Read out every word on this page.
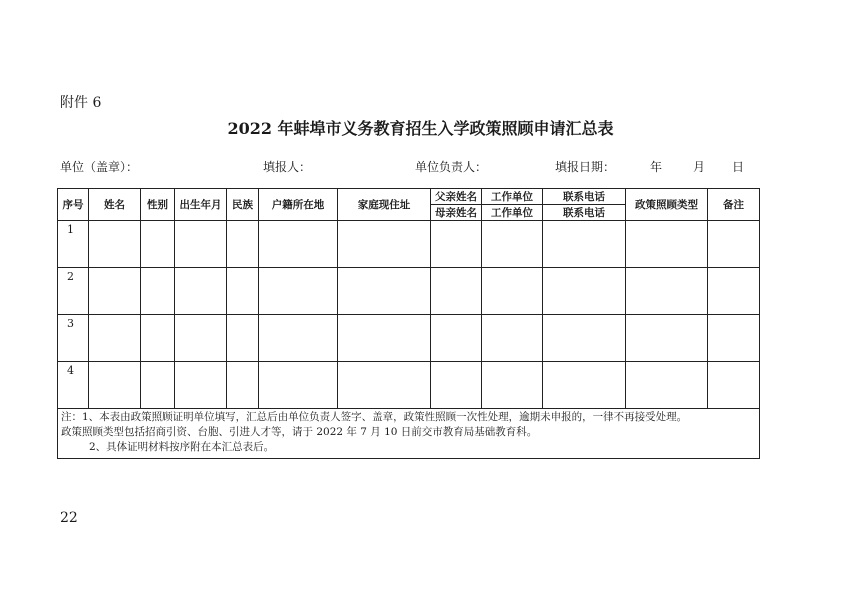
附件 6
2022 年蚌埠市义务教育招生入学政策照顾申请汇总表
单位（盖章）：	填报人：	单位负责人：	填报日期：	年	月 日
序号	姓名	性别	出生年月	民族	户籍所在地	家庭现住址	父亲姓名	工作单位	联系电话	政策照顾类型	备注
							母亲姓名	工作单位	联系电话		
1											
2											
3											
4											

注：1、本表由政策照顾证明单位填写，汇总后由单位负责人签字、盖章，政策性照顾一次性处理，逾期未申报的，一律不再接受处理。
政策照顾类型包括招商引资、台胞、引进人才等，请于 2022 年 7 月 10 日前交市教育局基础教育科。
2、具体证明材料按序附在本汇总表后。											
22
